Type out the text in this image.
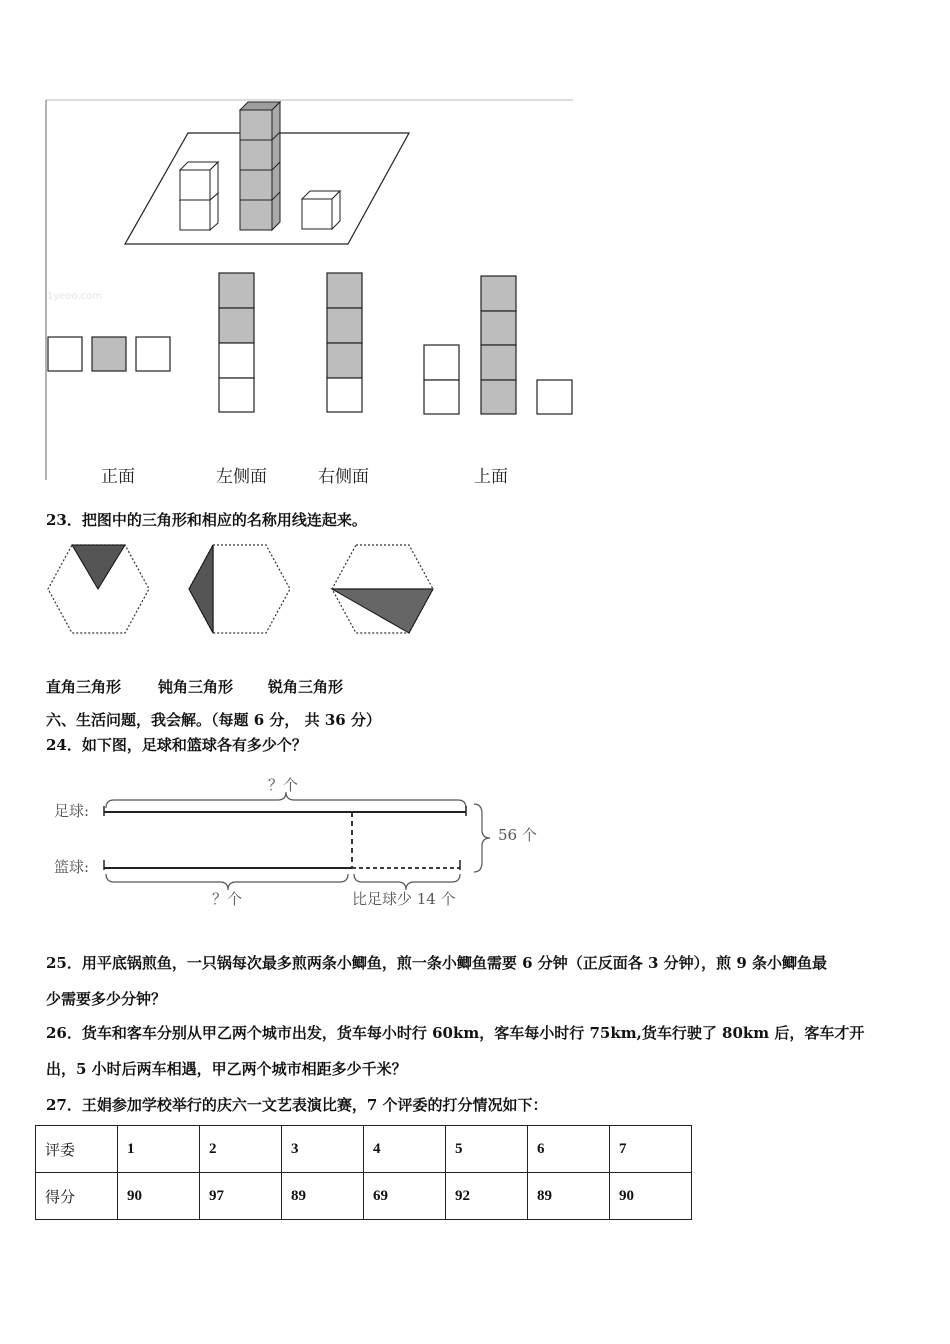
1yeoo.com
正面	左侧面	右侧面	上面
23．把图中的三角形和相应的名称用线连起来。
直角三角形 钝角三角形 锐角三角形
六、生活问题，我会解。（每题 6 分， 共 36 分）
24．如下图，足球和篮球各有多少个？
足球:
篮球:
？个
56 个
？个	比足球少 14 个
25．用平底锅煎鱼，一只锅每次最多煎两条小鲫鱼，煎一条小鲫鱼需要 6 分钟（正反面各 3 分钟），煎 9 条小鲫鱼最
少需要多少分钟？
26．货车和客车分别从甲乙两个城市出发，货车每小时行 60km，客车每小时行 75km,货车行驶了 80km 后，客车才开
出，5 小时后两车相遇，甲乙两个城市相距多少千米？
27．王娟参加学校举行的庆六一文艺表演比赛，7 个评委的打分情况如下：
评委	1	2	3	4	5	6	7
得分	90	97	89	69	92	89	90
